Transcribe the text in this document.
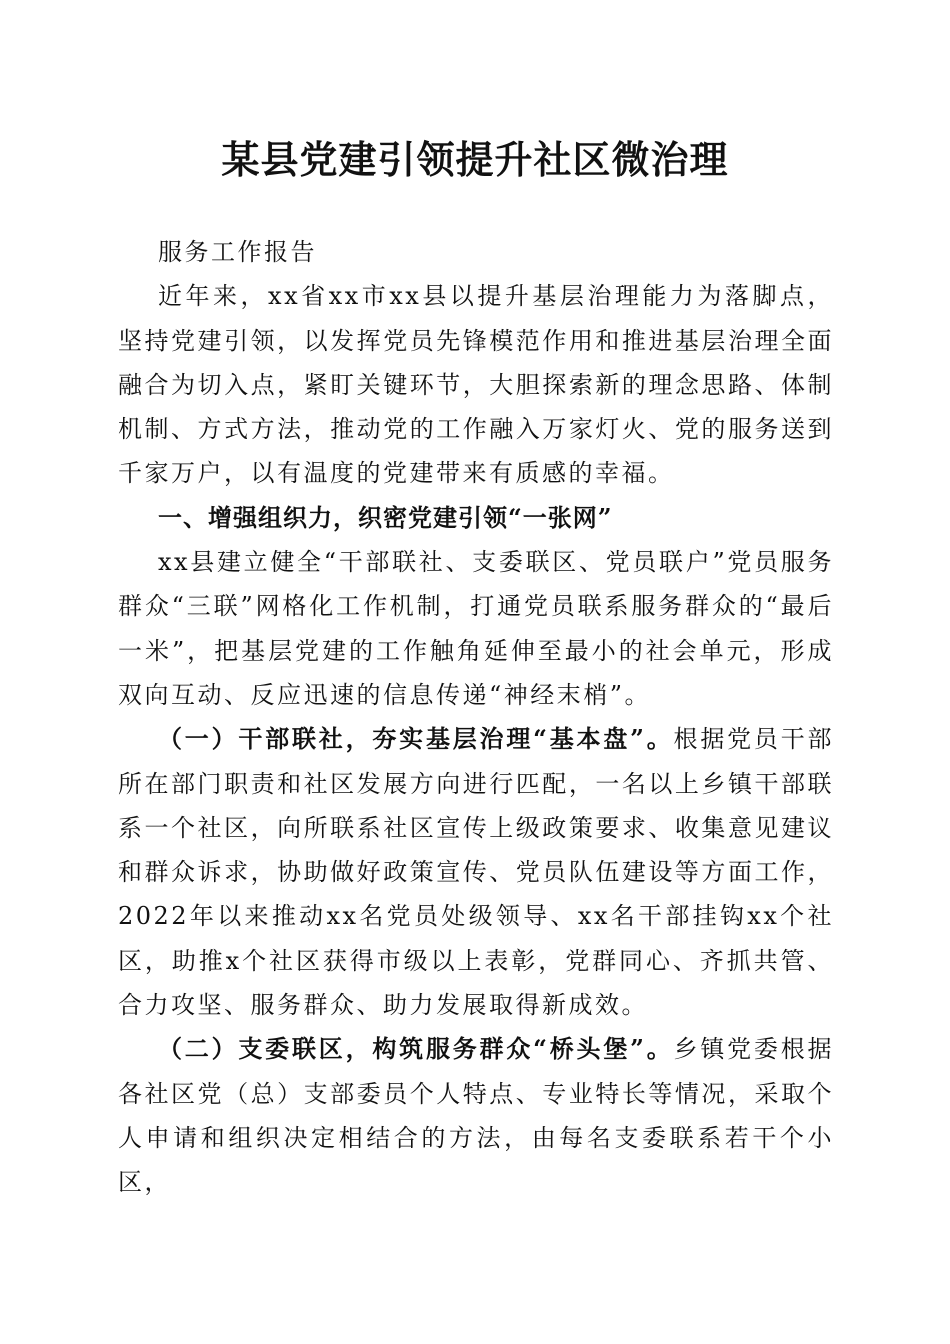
某县党建引领提升社区微治理

服务工作报告

近年来，xx省xx市xx县以提升基层治理能力为落脚点，坚持党建引领，以发挥党员先锋模范作用和推进基层治理全面融合为切入点，紧盯关键环节，大胆探索新的理念思路、体制机制、方式方法，推动党的工作融入万家灯火、党的服务送到千家万户，以有温度的党建带来有质感的幸福。

一、增强组织力，织密党建引领“一张网”

xx县建立健全“干部联社、支委联区、党员联户”党员服务群众“三联”网格化工作机制，打通党员联系服务群众的“最后一米”，把基层党建的工作触角延伸至最小的社会单元，形成双向互动、反应迅速的信息传递“神经末梢”。

（一）干部联社，夯实基层治理“基本盘”。根据党员干部所在部门职责和社区发展方向进行匹配，一名以上乡镇干部联系一个社区，向所联系社区宣传上级政策要求、收集意见建议和群众诉求，协助做好政策宣传、党员队伍建设等方面工作，2022年以来推动xx名党员处级领导、xx名干部挂钩xx个社区，助推x个社区获得市级以上表彰，党群同心、齐抓共管、合力攻坚、服务群众、助力发展取得新成效。

（二）支委联区，构筑服务群众“桥头堡”。乡镇党委根据各社区党（总）支部委员个人特点、专业特长等情况，采取个人申请和组织决定相结合的方法，由每名支委联系若干个小区，
